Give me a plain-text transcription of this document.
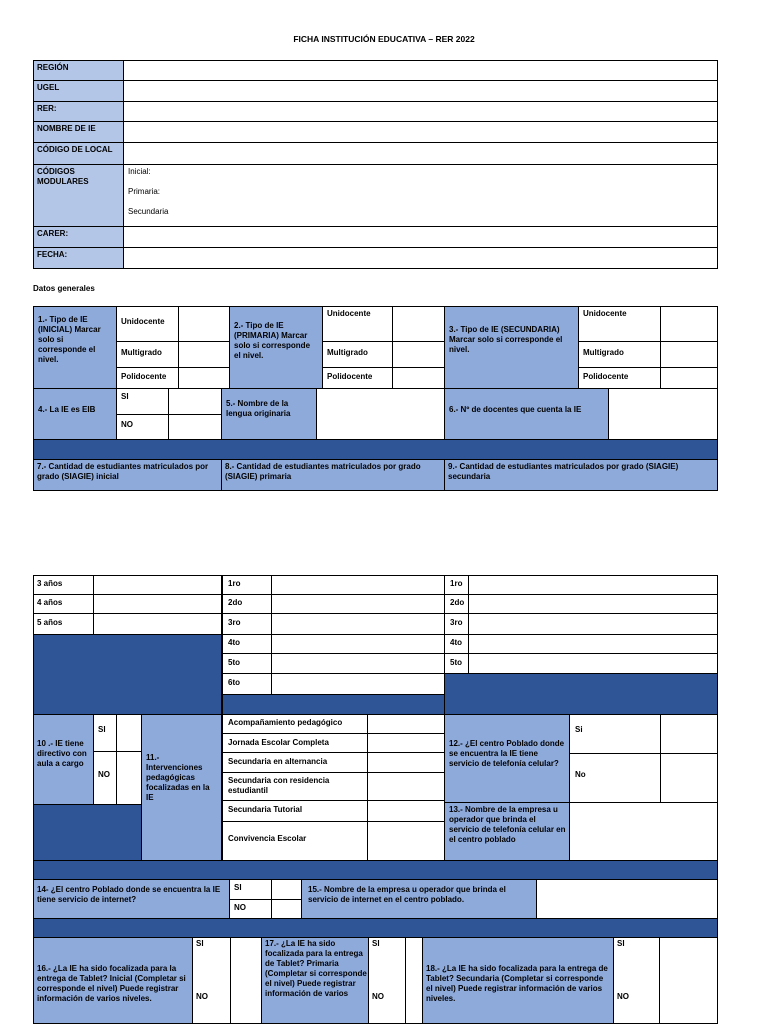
FICHA INSTITUCIÓN EDUCATIVA – RER 2022
REGIÓN
UGEL
RER:
NOMBRE DE IE
CÓDIGO DE LOCAL
CÓDIGOS MODULARES
Inicial:
Primaria:
Secundaria
CARER:
FECHA:
Datos generales
1.- Tipo de IE (INICIAL) Marcar solo si corresponde el nivel.
Unidocente
Multigrado
Polidocente
2.- Tipo de IE (PRIMARIA) Marcar solo si corresponde el nivel.
Unidocente
Multigrado
Polidocente
3.- Tipo de IE (SECUNDARIA) Marcar solo si corresponde el nivel.
Unidocente
Multigrado
Polidocente
4.- La IE es EIB
SI
NO
5.- Nombre de la lengua originaria	6.- Nº de docentes que cuenta la IE
7.- Cantidad de estudiantes matriculados por grado (SIAGIE) inicial
8.- Cantidad de estudiantes matriculados por grado (SIAGIE) primaria
9.- Cantidad de estudiantes matriculados por grado (SIAGIE) secundaria
3 años
4 años
5 años
1ro
2do
3ro
4to
5to
6to
1ro
2do
3ro
4to
5to
10 .- IE tiene directivo con aula a cargo
SI
NO
11.- Intervenciones pedagógicas focalizadas en la IE
Acompañamiento pedagógico
Jornada Escolar Completa
Secundaria en alternancia
Secundaria con residencia estudiantil
Secundaria Tutorial
Convivencia Escolar
12.- ¿El centro Poblado donde se encuentra la IE tiene servicio de telefonía celular?
Si
No
13.- Nombre de la empresa u operador que brinda el servicio de telefonía celular en el centro poblado
14- ¿El centro Poblado donde se encuentra la IE tiene servicio de internet?
SI
NO
15.- Nombre de la empresa u operador que brinda el servicio de internet en el centro poblado.
16.- ¿La IE ha sido focalizada para la entrega de Tablet? Inicial (Completar si corresponde el nivel) Puede registrar información de varios niveles.
SI
NO
17.- ¿La IE ha sido focalizada para la entrega de Tablet? Primaria (Completar si corresponde el nivel) Puede registrar información de varios
SI
NO
18.- ¿La IE ha sido focalizada para la entrega de Tablet? Secundaria (Completar si corresponde el nivel) Puede registrar información de varios niveles.
SI
NO
